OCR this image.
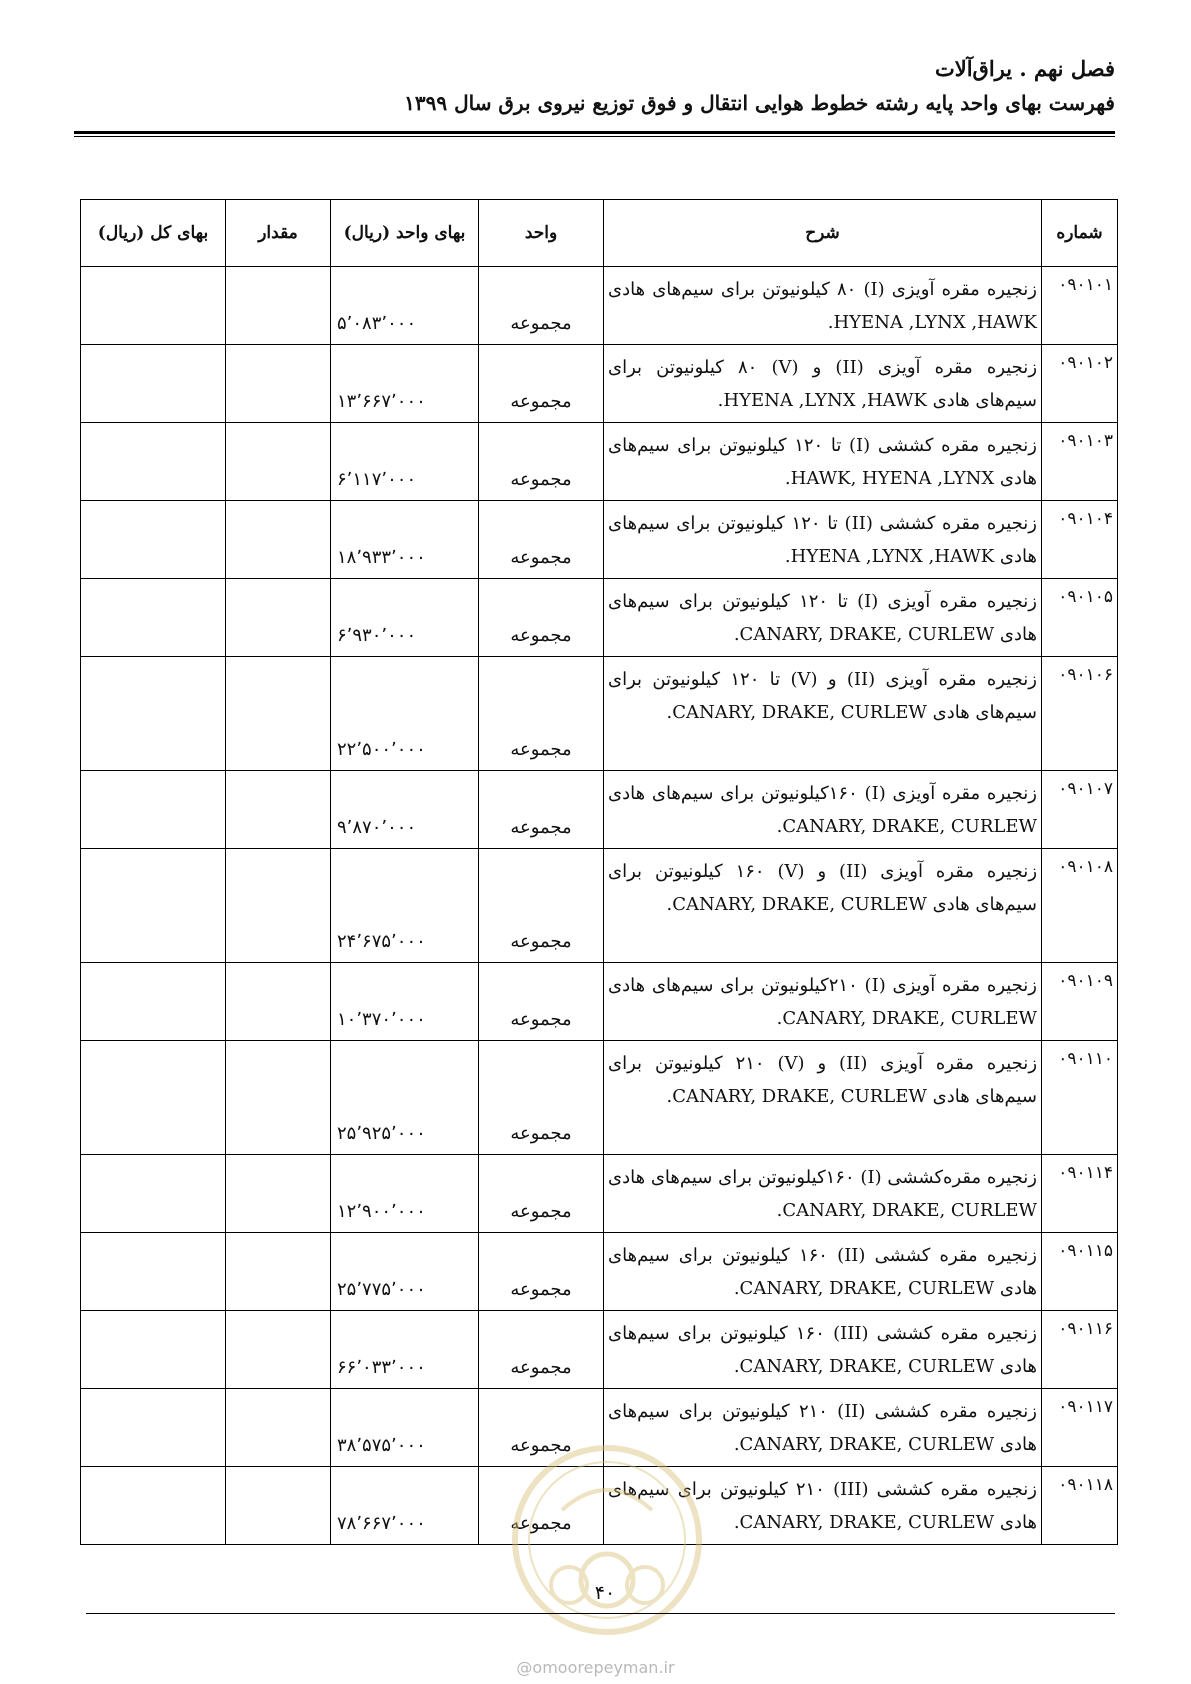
فصل نهم . یراق‌آلات
فهرست بهای واحد پایه رشته خطوط هوایی انتقال و فوق توزیع نیروی برق سال ۱۳۹۹
شماره	شرح	واحد	بهای واحد (ریال)	مقدار	بهای کل (ریال)
۰۹۰۱۰۱	زنجیره مقره آویزی (I) ۸۰ کیلونیوتن برای سیم‌های هادی HYENA ,LYNX ,HAWK.	مجموعه	۵٬۰۸۳٬۰۰۰		
۰۹۰۱۰۲	زنجیره مقره آویزی (II) و (V) ۸۰ کیلونیوتن برای سیم‌های هادی HYENA ,LYNX ,HAWK.	مجموعه	۱۳٬۶۶۷٬۰۰۰		
۰۹۰۱۰۳	زنجیره مقره کششی (I) تا ۱۲۰ کیلونیوتن برای سیم‌های هادی HAWK, HYENA ,LYNX.	مجموعه	۶٬۱۱۷٬۰۰۰		
۰۹۰۱۰۴	زنجیره مقره کششی (II) تا ۱۲۰ کیلونیوتن برای سیم‌های هادی HYENA ,LYNX ,HAWK.	مجموعه	۱۸٬۹۳۳٬۰۰۰		
۰۹۰۱۰۵	زنجیره مقره آویزی (I) تا ۱۲۰ کیلونیوتن برای سیم‌های هادی CANARY, DRAKE, CURLEW.	مجموعه	۶٬۹۳۰٬۰۰۰		
۰۹۰۱۰۶	زنجیره مقره آویزی (II) و (V) تا ۱۲۰ کیلونیوتن برای سیم‌های هادی CANARY, DRAKE, CURLEW.	مجموعه	۲۲٬۵۰۰٬۰۰۰		
۰۹۰۱۰۷	زنجیره مقره آویزی (I) ۱۶۰کیلونیوتن برای سیم‌های هادی CANARY, DRAKE, CURLEW.	مجموعه	۹٬۸۷۰٬۰۰۰		
۰۹۰۱۰۸	زنجیره مقره آویزی (II) و (V) ۱۶۰ کیلونیوتن برای سیم‌های هادی CANARY, DRAKE, CURLEW.	مجموعه	۲۴٬۶۷۵٬۰۰۰		
۰۹۰۱۰۹	زنجیره مقره آویزی (I) ۲۱۰کیلونیوتن برای سیم‌های هادی CANARY, DRAKE, CURLEW.	مجموعه	۱۰٬۳۷۰٬۰۰۰		
۰۹۰۱۱۰	زنجیره مقره آویزی (II) و (V) ۲۱۰ کیلونیوتن برای سیم‌های هادی CANARY, DRAKE, CURLEW.	مجموعه	۲۵٬۹۲۵٬۰۰۰		
۰۹۰۱۱۴	زنجیره مقره‌کششی (I) ۱۶۰کیلونیوتن برای سیم‌های هادی CANARY, DRAKE, CURLEW.	مجموعه	۱۲٬۹۰۰٬۰۰۰		
۰۹۰۱۱۵	زنجیره مقره کششی (II) ۱۶۰ کیلونیوتن برای سیم‌های هادی CANARY, DRAKE, CURLEW.	مجموعه	۲۵٬۷۷۵٬۰۰۰		
۰۹۰۱۱۶	زنجیره مقره کششی (III) ۱۶۰ کیلونیوتن برای سیم‌های هادی CANARY, DRAKE, CURLEW.	مجموعه	۶۶٬۰۳۳٬۰۰۰		
۰۹۰۱۱۷	زنجیره مقره کششی (II) ۲۱۰ کیلونیوتن برای سیم‌های هادی CANARY, DRAKE, CURLEW.	مجموعه	۳۸٬۵۷۵٬۰۰۰		
۰۹۰۱۱۸	زنجیره مقره کششی (III) ۲۱۰ کیلونیوتن برای سیم‌های هادی CANARY, DRAKE, CURLEW.	مجموعه	۷۸٬۶۶۷٬۰۰۰		
۴۰
@omoorepeyman.ir
